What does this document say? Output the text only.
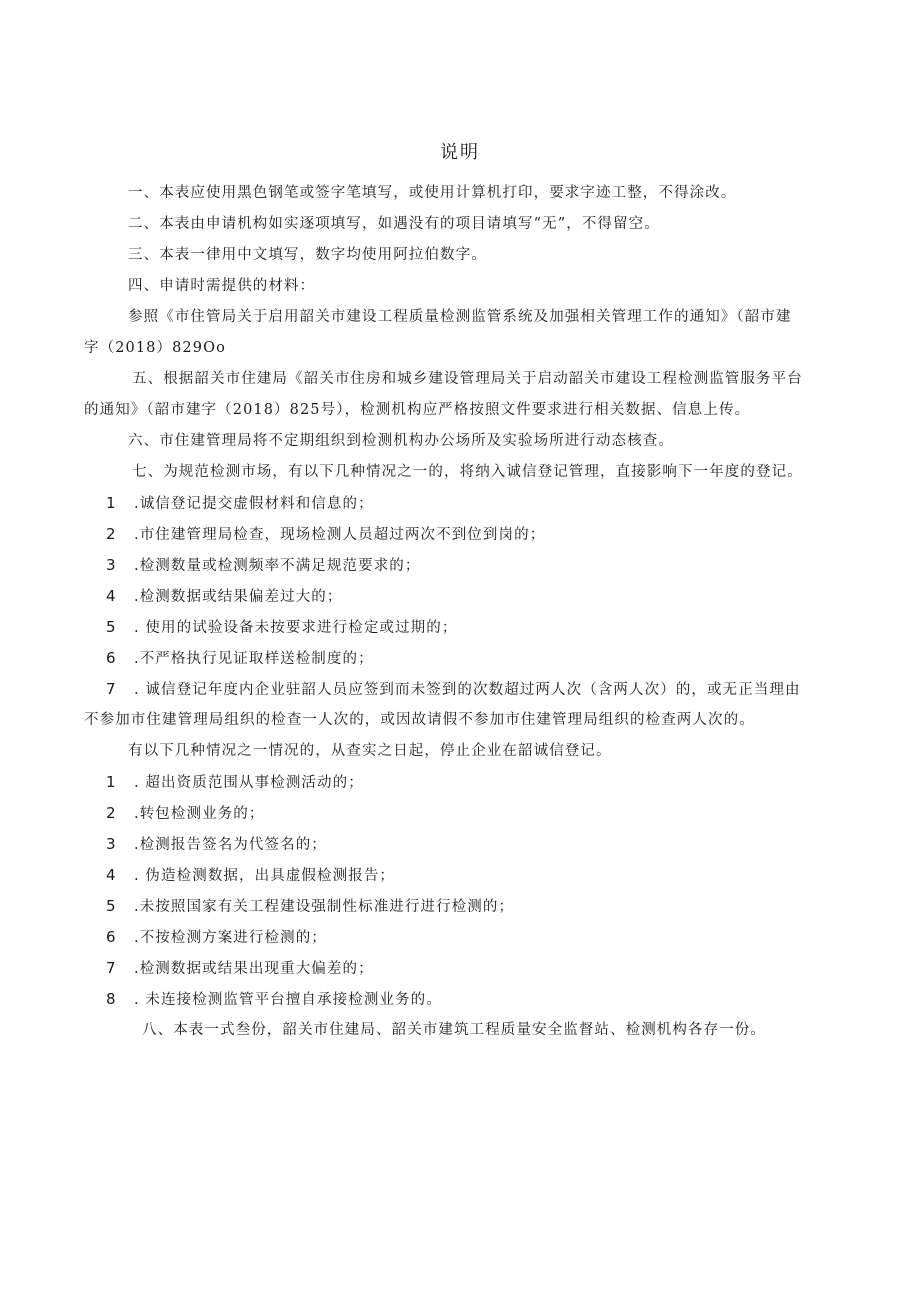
说明
一、本表应使用黑色钢笔或签字笔填写，或使用计算机打印，要求字迹工整，不得涂改。
二、本表由申请机构如实逐项填写，如遇没有的项目请填写“无”，不得留空。
三、本表一律用中文填写，数字均使用阿拉伯数字。
四、申请时需提供的材料：
参照《市住管局关于启用韶关市建设工程质量检测监管系统及加强相关管理工作的通知》（韶市建
字（2018）829Oo
五、根据韶关市住建局《韶关市住房和城乡建设管理局关于启动韶关市建设工程检测监管服务平台
的通知》（韶市建字（2018）825号），检测机构应严格按照文件要求进行相关数据、信息上传。
六、市住建管理局将不定期组织到检测机构办公场所及实验场所进行动态核查。
七、为规范检测市场，有以下几种情况之一的，将纳入诚信登记管理，直接影响下一年度的登记。
1 .诚信登记提交虚假材料和信息的；
2 .市住建管理局检查，现场检测人员超过两次不到位到岗的；
3 .检测数量或检测频率不满足规范要求的；
4 .检测数据或结果偏差过大的；
5 . 使用的试验设备未按要求进行检定或过期的；
6 .不严格执行见证取样送检制度的；
7 . 诚信登记年度内企业驻韶人员应签到而未签到的次数超过两人次（含两人次）的，或无正当理由
不参加市住建管理局组织的检查一人次的，或因故请假不参加市住建管理局组织的检查两人次的。
有以下几种情况之一情况的，从查实之日起，停止企业在韶诚信登记。
1 . 超出资质范围从事检测活动的；
2 .转包检测业务的；
3 .检测报告签名为代签名的；
4 . 伪造检测数据，出具虚假检测报告；
5 .未按照国家有关工程建设强制性标准进行进行检测的；
6 .不按检测方案进行检测的；
7 .检测数据或结果出现重大偏差的；
8 . 未连接检测监管平台擅自承接检测业务的。
八、本表一式叁份，韶关市住建局、韶关市建筑工程质量安全监督站、检测机构各存一份。
